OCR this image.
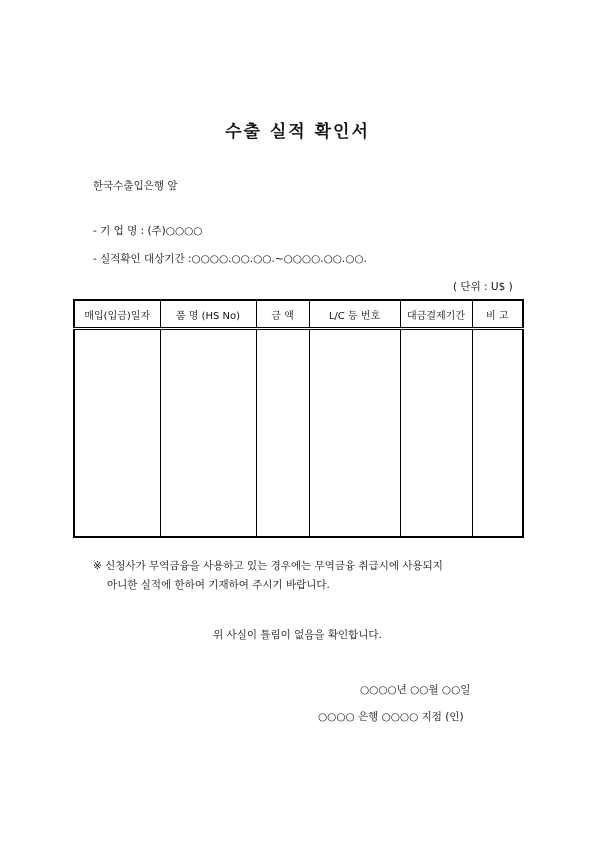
수출 실적 확인서
한국수출입은행 앞
- 기 업 명 : (주)○○○○
- 실적확인 대상기간 :○○○○.○○.○○.~○○○○.○○.○○.
( 단위 : U$ )
매입(입금)일자	품 명 (HS No)	금 액	L/C 등 번호	대금결제기간	비 고

※ 신청사가 무역금융을 사용하고 있는 경우에는 무역금융 취급시에 사용되지
아니한 실적에 한하여 기재하여 주시기 바랍니다.
위 사실이 틀림이 없음을 확인합니다.
○○○○년 ○○월 ○○일
○○○○ 은행 ○○○○ 지점 (인)
